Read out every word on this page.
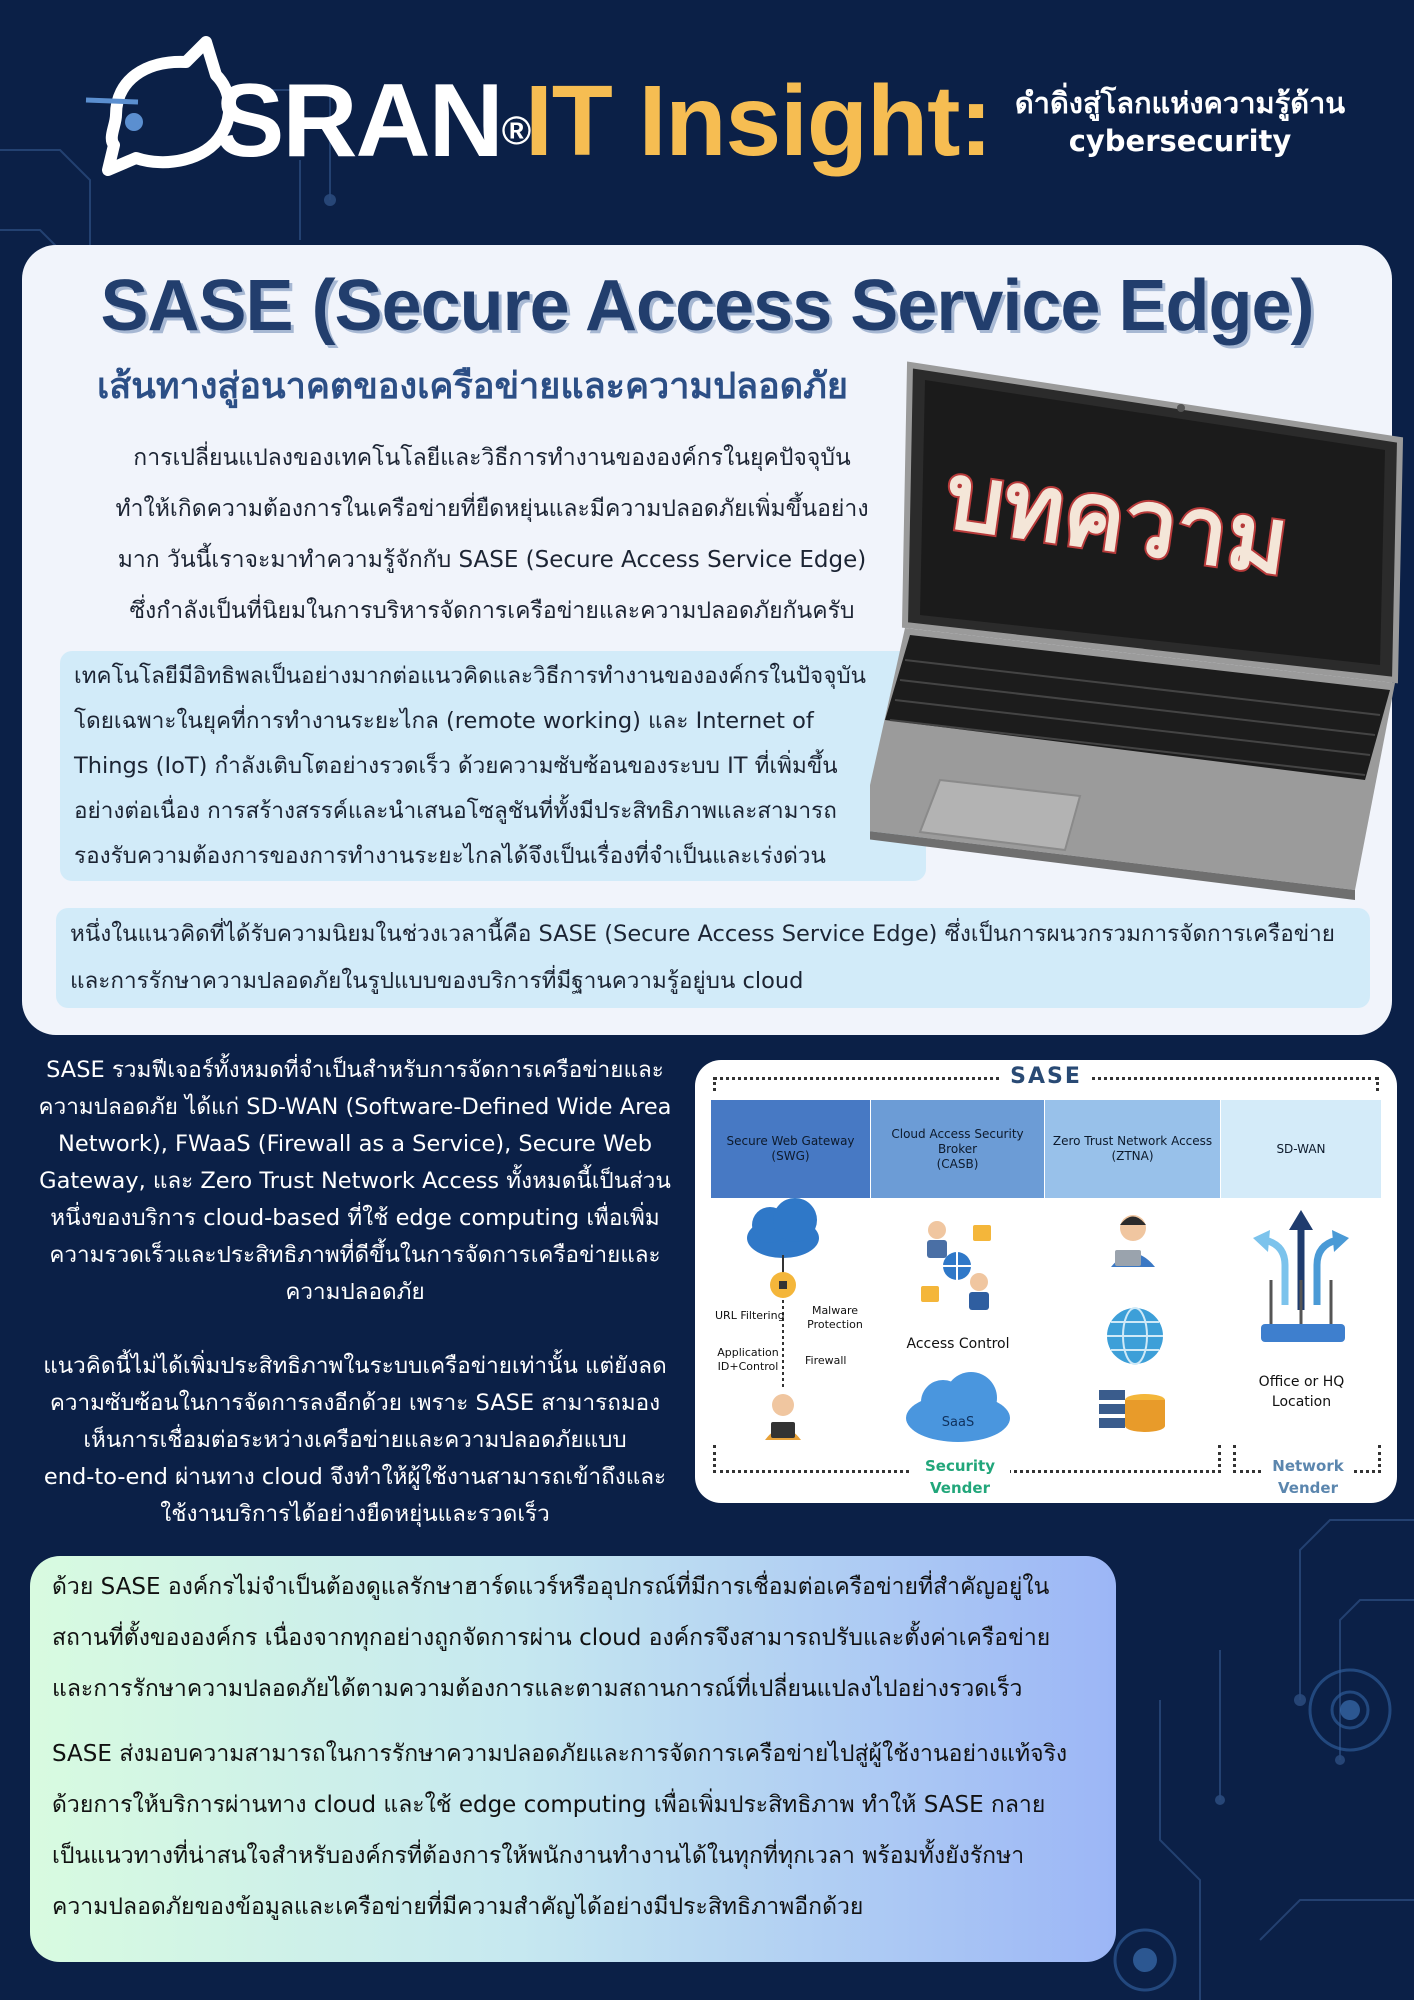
SRAN®
IT Insight: ดำดิ่งสู่โลกแห่งความรู้ด้าน
cybersecurity
SASE (Secure Access Service Edge)
เส้นทางสู่อนาคตของเครือข่ายและความปลอดภัย
การเปลี่ยนแปลงของเทคโนโลยีและวิธีการทำงานขององค์กรในยุคปัจจุบัน
ทำให้เกิดความต้องการในเครือข่ายที่ยืดหยุ่นและมีความปลอดภัยเพิ่มขึ้นอย่าง
มาก วันนี้เราจะมาทำความรู้จักกับ SASE (Secure Access Service Edge)
ซึ่งกำลังเป็นที่นิยมในการบริหารจัดการเครือข่ายและความปลอดภัยกันครับ
เทคโนโลยีมีอิทธิพลเป็นอย่างมากต่อแนวคิดและวิธีการทำงานขององค์กรในปัจจุบัน
โดยเฉพาะในยุคที่การทำงานระยะไกล (remote working) และ Internet of
Things (IoT) กำลังเติบโตอย่างรวดเร็ว ด้วยความซับซ้อนของระบบ IT ที่เพิ่มขึ้น
อย่างต่อเนื่อง การสร้างสรรค์และนำเสนอโซลูชันที่ทั้งมีประสิทธิภาพและสามารถ
รองรับความต้องการของการทำงานระยะไกลได้จึงเป็นเรื่องที่จำเป็นและเร่งด่วน
หนึ่งในแนวคิดที่ได้รับความนิยมในช่วงเวลานี้คือ SASE (Secure Access Service Edge) ซึ่งเป็นการผนวกรวมการจัดการเครือข่าย
และการรักษาความปลอดภัยในรูปแบบของบริการที่มีฐานความรู้อยู่บน cloud
บทความ

SASE รวมฟีเจอร์ทั้งหมดที่จำเป็นสำหรับการจัดการเครือข่ายและ
ความปลอดภัย ได้แก่ SD-WAN (Software-Defined Wide Area
Network), FWaaS (Firewall as a Service), Secure Web
Gateway, และ Zero Trust Network Access ทั้งหมดนี้เป็นส่วน
หนึ่งของบริการ cloud-based ที่ใช้ edge computing เพื่อเพิ่ม
ความรวดเร็วและประสิทธิภาพที่ดีขึ้นในการจัดการเครือข่ายและ
ความปลอดภัย

แนวคิดนี้ไม่ได้เพิ่มประสิทธิภาพในระบบเครือข่ายเท่านั้น แต่ยังลด
ความซับซ้อนในการจัดการลงอีกด้วย เพราะ SASE สามารถมอง
เห็นการเชื่อมต่อระหว่างเครือข่ายและความปลอดภัยแบบ
end-to-end ผ่านทาง cloud จึงทำให้ผู้ใช้งานสามารถเข้าถึงและ
ใช้งานบริการได้อย่างยืดหยุ่นและรวดเร็ว

SASE
Secure Web Gateway
(SWG)
Cloud Access Security Broker
(CASB)
Zero Trust Network Access
(ZTNA)
SD-WAN
URL Filtering	Malware
Protection
Application
ID+Control	Firewall
Access Control
SaaS
Office or HQ
Location
Security
Vender
Network
Vender

ด้วย SASE องค์กรไม่จำเป็นต้องดูแลรักษาฮาร์ดแวร์หรืออุปกรณ์ที่มีการเชื่อมต่อเครือข่ายที่สำคัญอยู่ใน
สถานที่ตั้งขององค์กร เนื่องจากทุกอย่างถูกจัดการผ่าน cloud องค์กรจึงสามารถปรับและตั้งค่าเครือข่าย
และการรักษาความปลอดภัยได้ตามความต้องการและตามสถานการณ์ที่เปลี่ยนแปลงไปอย่างรวดเร็ว

SASE ส่งมอบความสามารถในการรักษาความปลอดภัยและการจัดการเครือข่ายไปสู่ผู้ใช้งานอย่างแท้จริง
ด้วยการให้บริการผ่านทาง cloud และใช้ edge computing เพื่อเพิ่มประสิทธิภาพ ทำให้ SASE กลาย
เป็นแนวทางที่น่าสนใจสำหรับองค์กรที่ต้องการให้พนักงานทำงานได้ในทุกที่ทุกเวลา พร้อมทั้งยังรักษา
ความปลอดภัยของข้อมูลและเครือข่ายที่มีความสำคัญได้อย่างมีประสิทธิภาพอีกด้วย
